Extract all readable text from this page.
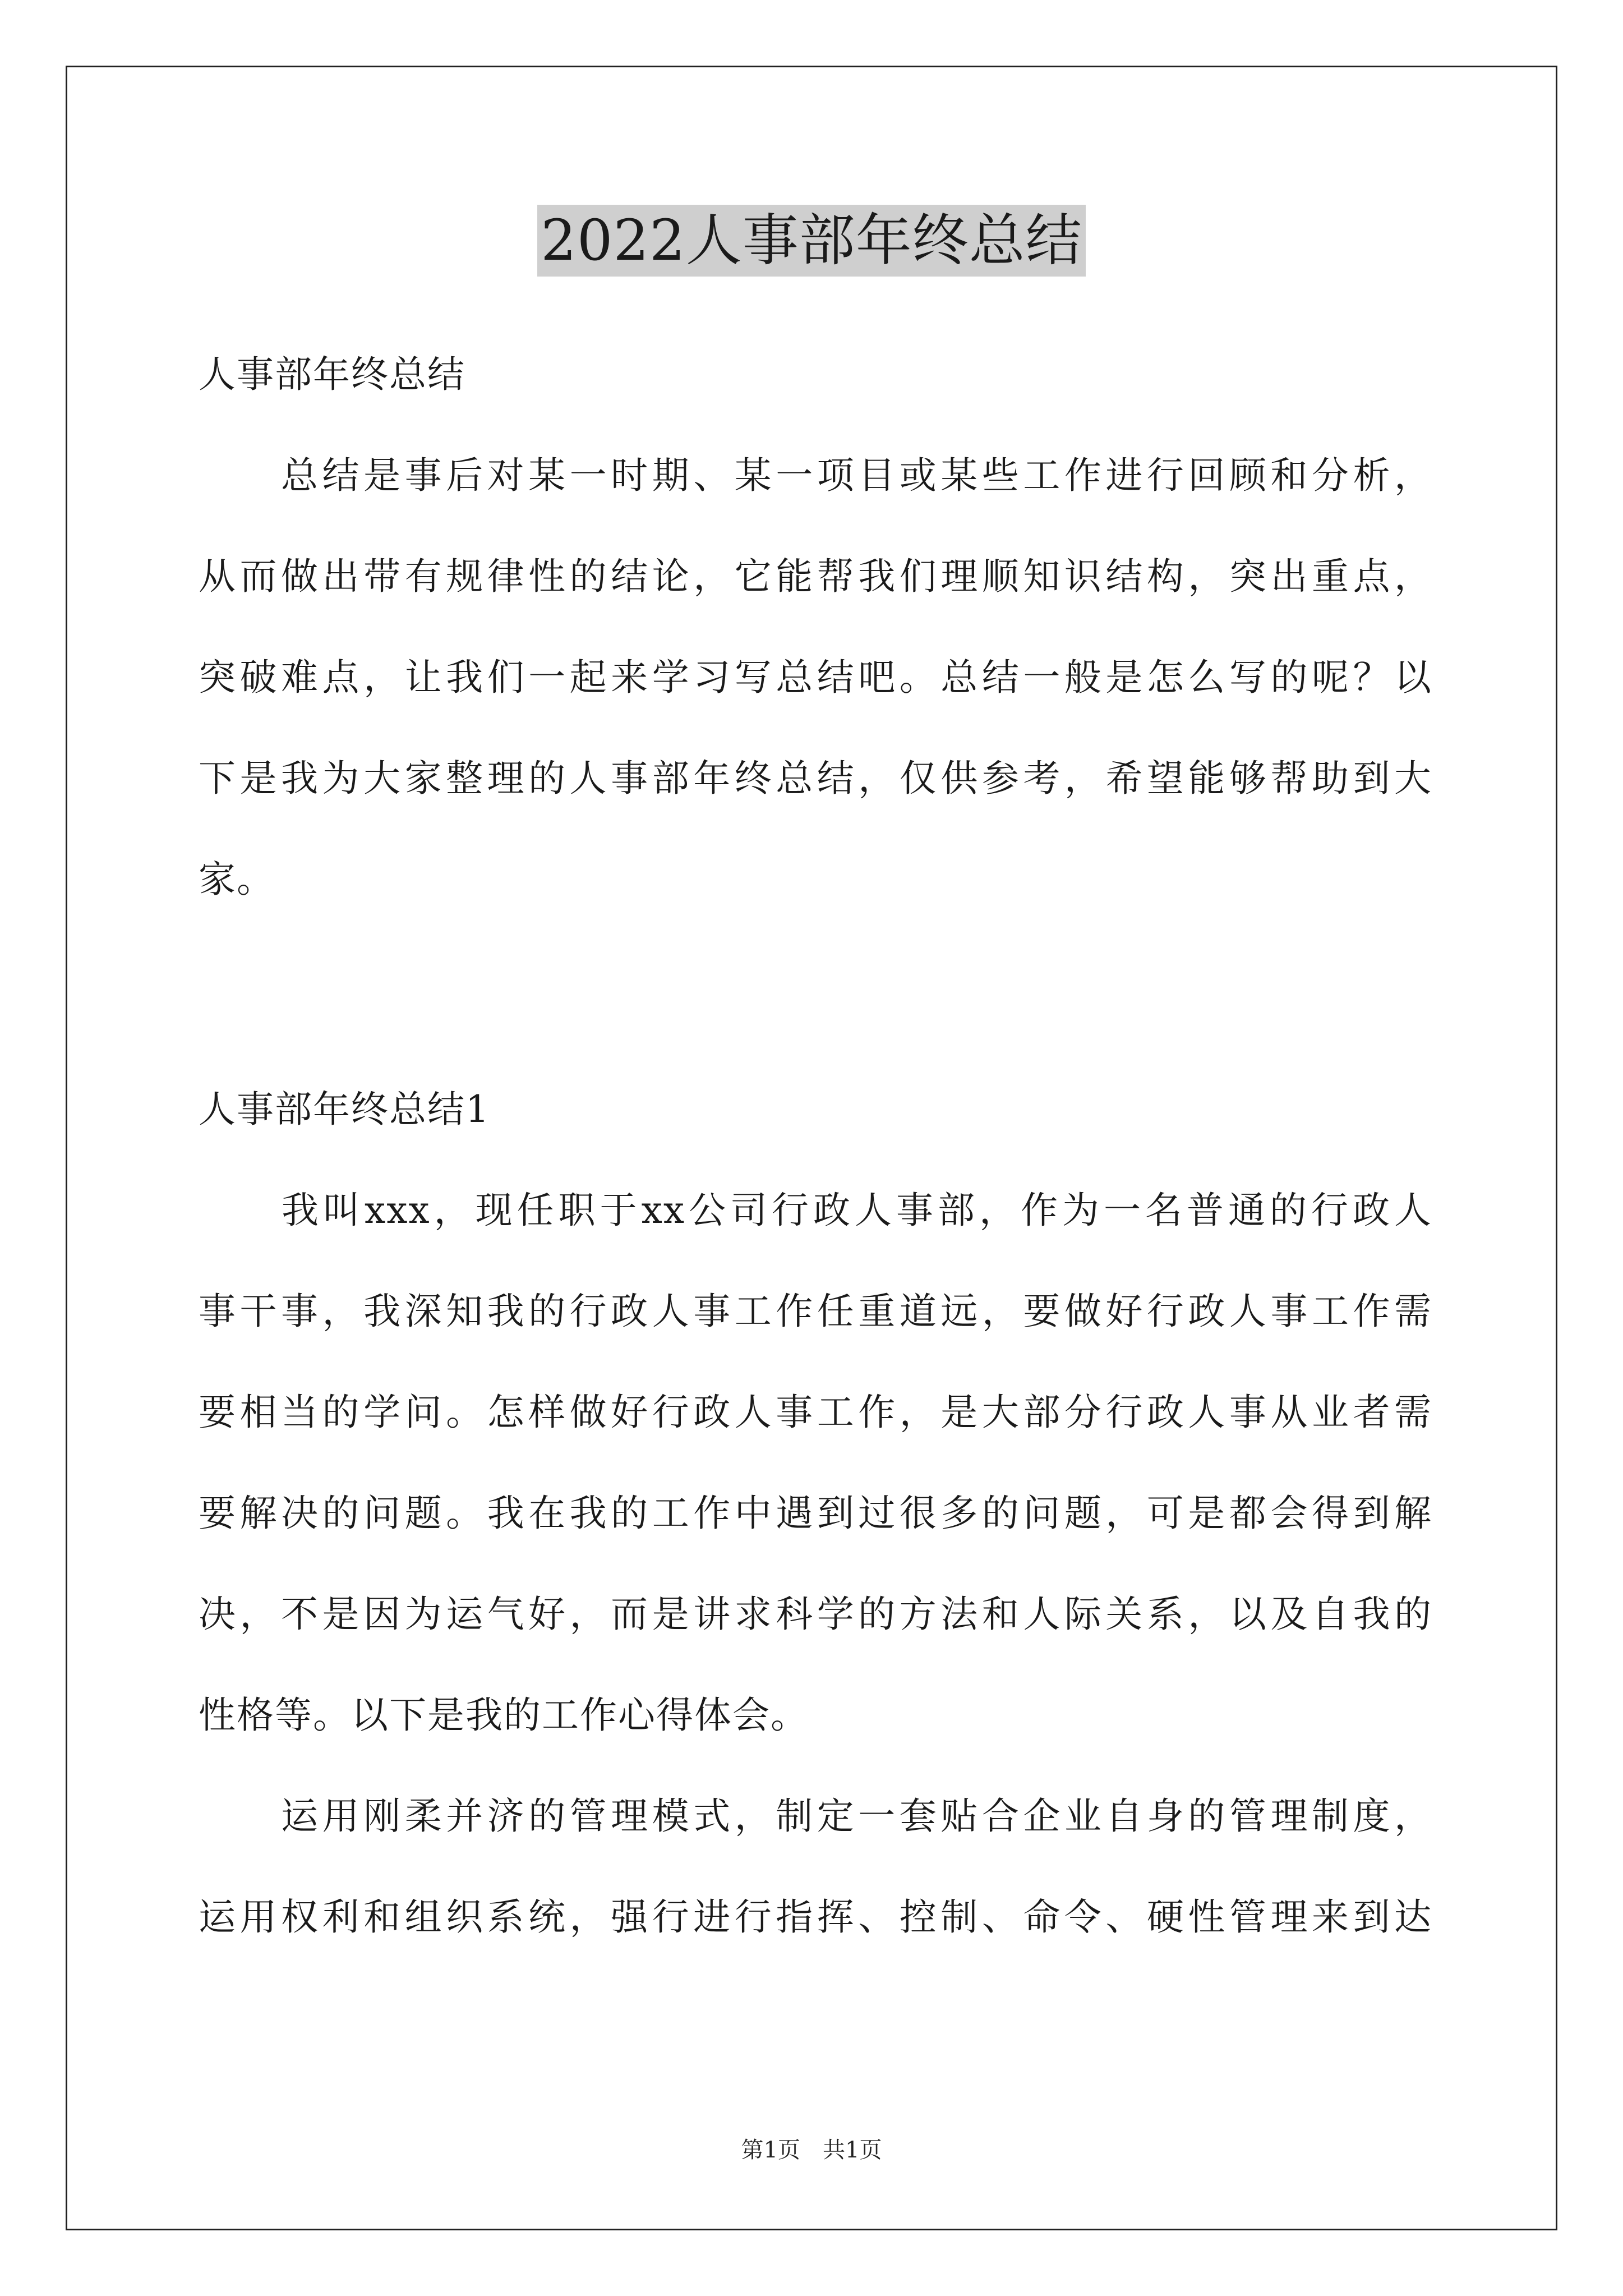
2022人事部年终总结
人事部年终总结
　　总结是事后对某一时期、某一项目或某些工作进行回顾和分析，
从而做出带有规律性的结论，它能帮我们理顺知识结构，突出重点，
突破难点，让我们一起来学习写总结吧。总结一般是怎么写的呢？以
下是我为大家整理的人事部年终总结，仅供参考，希望能够帮助到大
家。
人事部年终总结1
　　我叫xxx，现任职于xx公司行政人事部，作为一名普通的行政人
事干事，我深知我的行政人事工作任重道远，要做好行政人事工作需
要相当的学问。怎样做好行政人事工作，是大部分行政人事从业者需
要解决的问题。我在我的工作中遇到过很多的问题，可是都会得到解
决，不是因为运气好，而是讲求科学的方法和人际关系，以及自我的
性格等。以下是我的工作心得体会。
　　运用刚柔并济的管理模式，制定一套贴合企业自身的管理制度，
运用权利和组织系统，强行进行指挥、控制、命令、硬性管理来到达
第1页　共1页
